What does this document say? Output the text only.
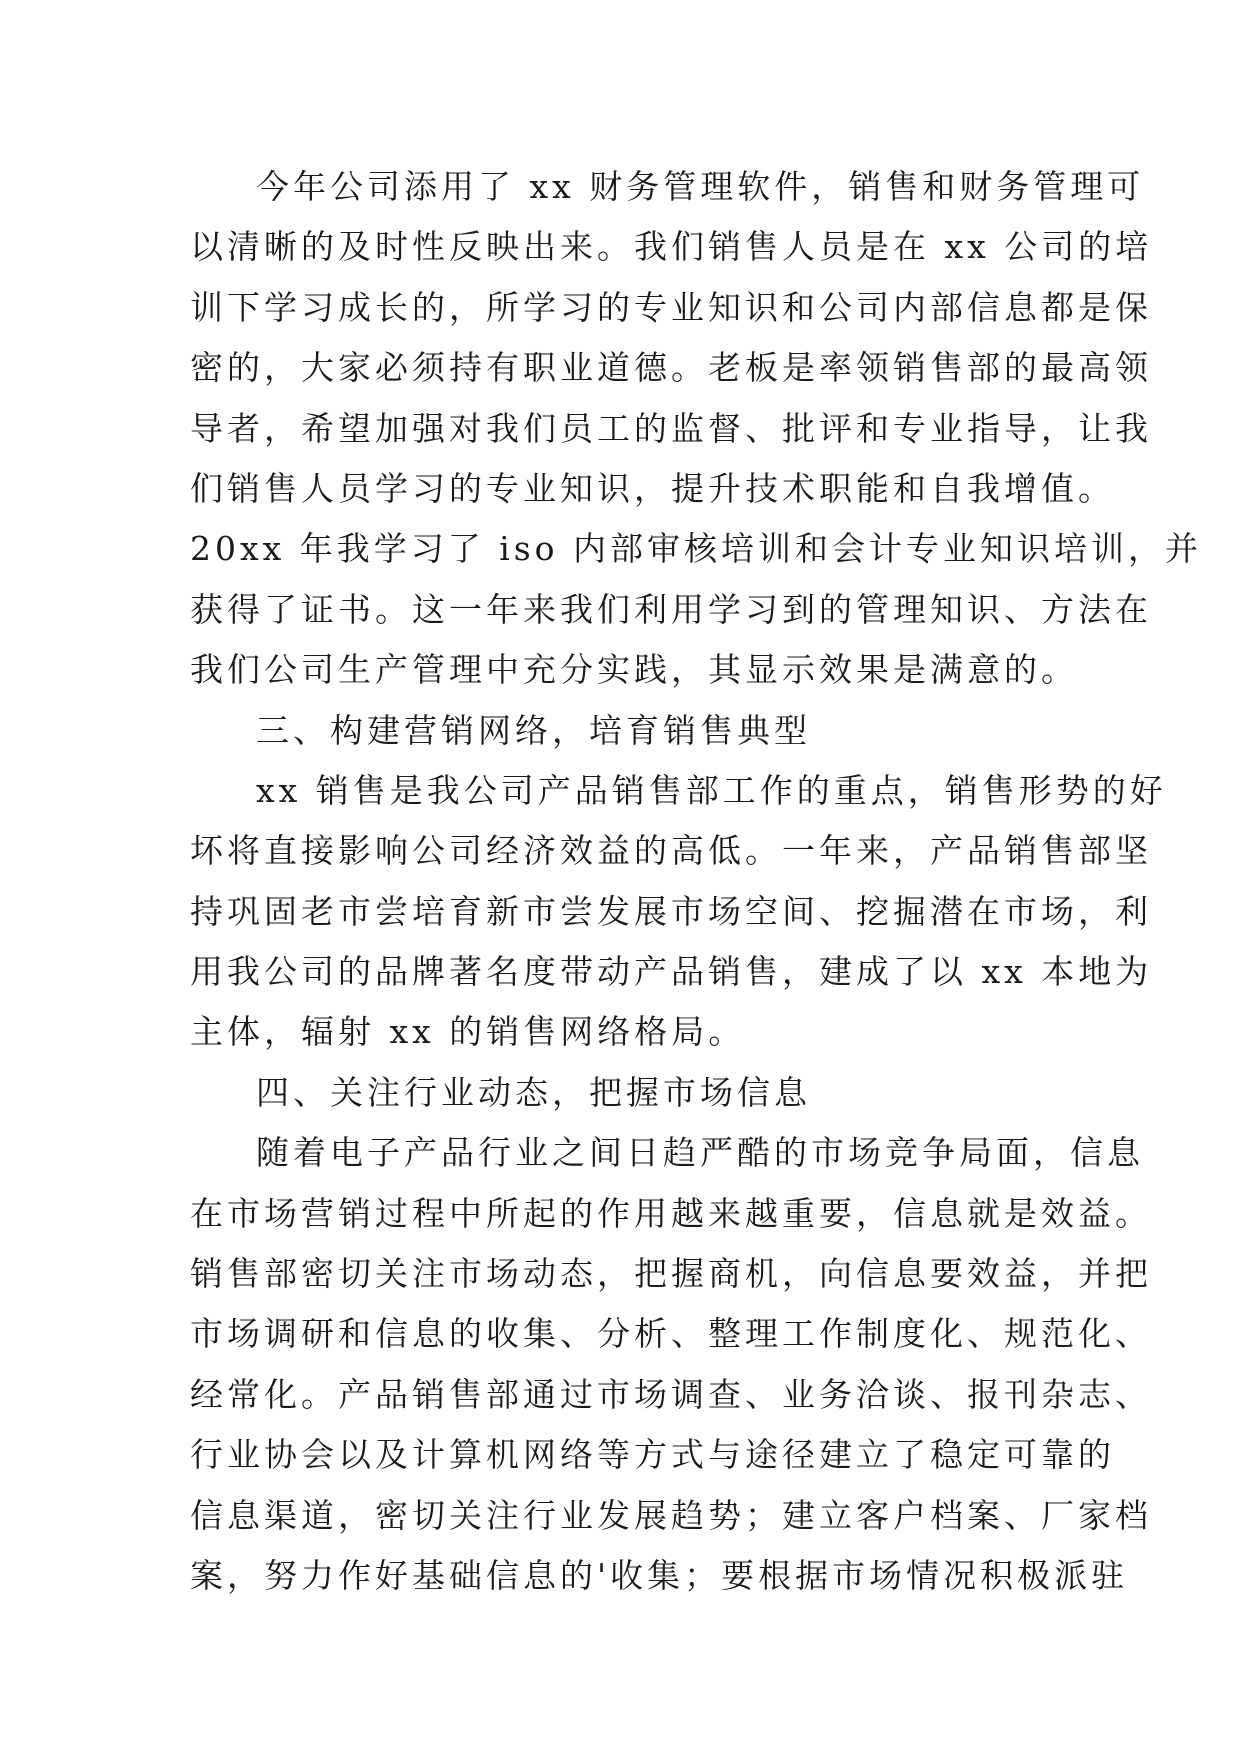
今年公司添用了 xx 财务管理软件，销售和财务管理可
以清晰的及时性反映出来。我们销售人员是在 xx 公司的培
训下学习成长的，所学习的专业知识和公司内部信息都是保
密的，大家必须持有职业道德。老板是率领销售部的最高领
导者，希望加强对我们员工的监督、批评和专业指导，让我
们销售人员学习的专业知识，提升技术职能和自我增值。
20xx 年我学习了 iso 内部审核培训和会计专业知识培训，并
获得了证书。这一年来我们利用学习到的管理知识、方法在
我们公司生产管理中充分实践，其显示效果是满意的。
三、构建营销网络，培育销售典型
xx 销售是我公司产品销售部工作的重点，销售形势的好
坏将直接影响公司经济效益的高低。一年来，产品销售部坚
持巩固老市尝培育新市尝发展市场空间、挖掘潜在市场，利
用我公司的品牌著名度带动产品销售，建成了以 xx 本地为
主体，辐射 xx 的销售网络格局。
四、关注行业动态，把握市场信息
随着电子产品行业之间日趋严酷的市场竞争局面，信息
在市场营销过程中所起的作用越来越重要，信息就是效益。
销售部密切关注市场动态，把握商机，向信息要效益，并把
市场调研和信息的收集、分析、整理工作制度化、规范化、
经常化。产品销售部通过市场调查、业务洽谈、报刊杂志、
行业协会以及计算机网络等方式与途径建立了稳定可靠的
信息渠道，密切关注行业发展趋势；建立客户档案、厂家档
案，努力作好基础信息的'收集；要根据市场情况积极派驻
